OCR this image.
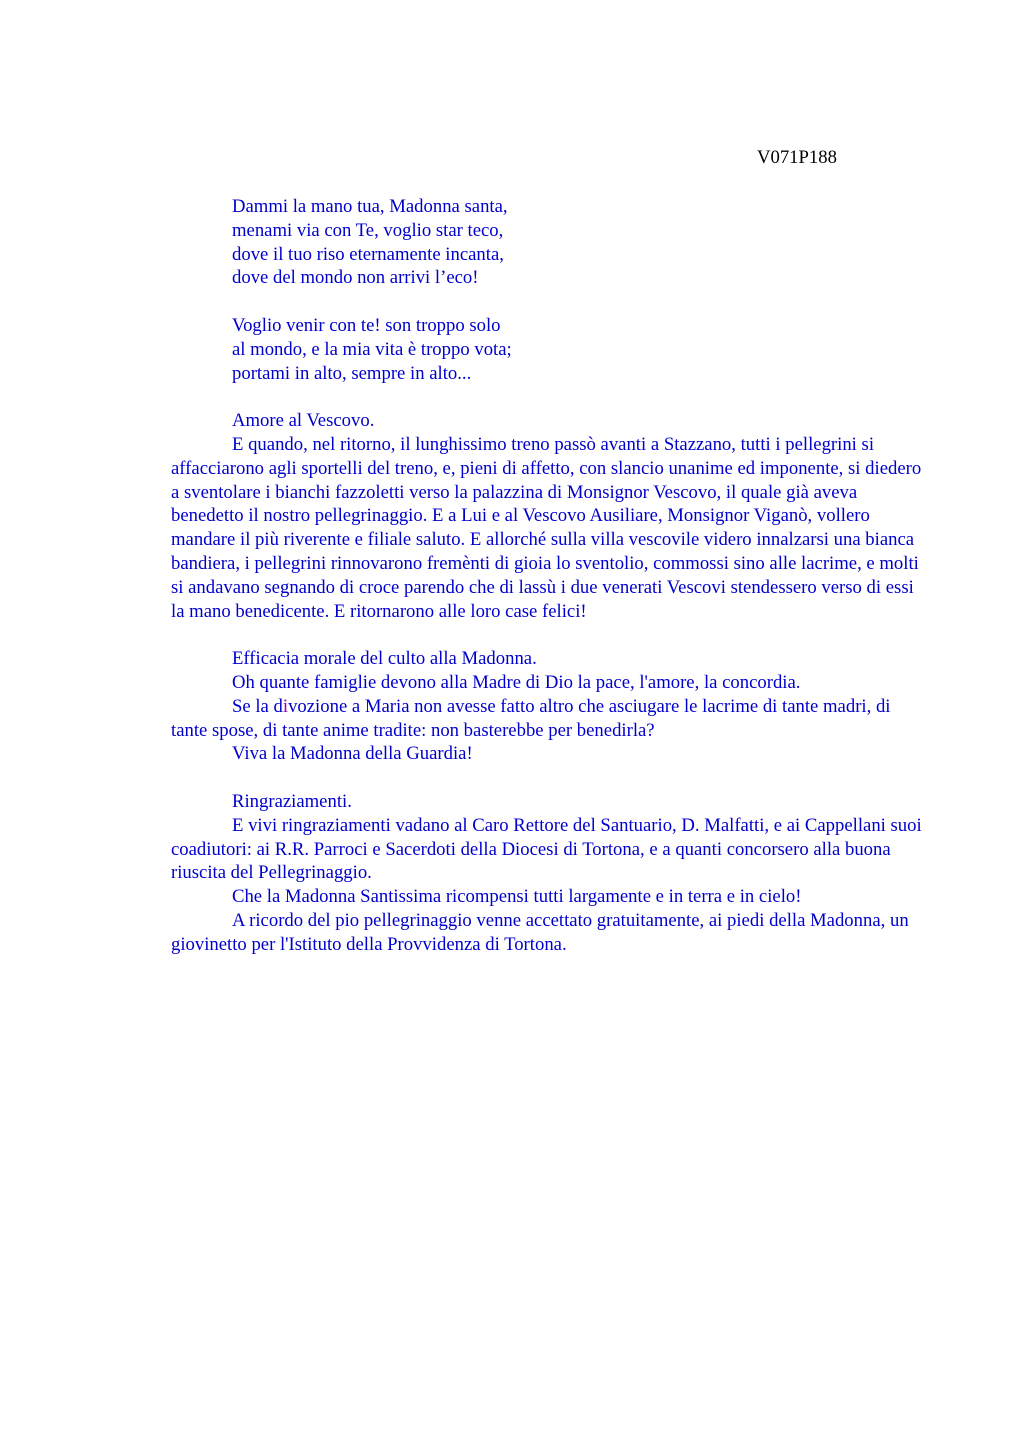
V071P188

Dammi la mano tua, Madonna santa,
menami via con Te, voglio star teco,
dove il tuo riso eternamente incanta,
dove del mondo non arrivi l’eco!
Voglio venir con te! son troppo solo
al mondo, e la mia vita è troppo vota;
portami in alto, sempre in alto...

Amore al Vescovo.

E quando, nel ritorno, il lunghissimo treno passò avanti a Stazzano, tutti i pellegrini si affacciarono agli sportelli del treno, e, pieni di affetto, con slancio unanime ed imponente, si diedero a sventolare i bianchi fazzoletti verso la palazzina di Monsignor Vescovo, il quale già aveva benedetto il nostro pellegrinaggio. E a Lui e al Vescovo Ausiliare, Monsignor Viganò, vollero mandare il più riverente e filiale saluto. E allorché sulla villa vescovile videro innalzarsi una bianca bandiera, i pellegrini rinnovarono fremènti di gioia lo sventolio, commossi sino alle lacrime, e molti si andavano segnando di croce parendo che di lassù i due venerati Vescovi stendessero verso di essi la mano benedicente. E ritornarono alle loro case felici!

Efficacia morale del culto alla Madonna.

Oh quante famiglie devono alla Madre di Dio la pace, l'amore, la concordia.

Se la divozione a Maria non avesse fatto altro che asciugare le lacrime di tante madri, di tante spose, di tante anime tradite: non basterebbe per benedirla?

Viva la Madonna della Guardia!

Ringraziamenti.

E vivi ringraziamenti vadano al Caro Rettore del Santuario, D. Malfatti, e ai Cappellani suoi coadiutori: ai R.R. Parroci e Sacerdoti della Diocesi di Tortona, e a quanti concorsero alla buona riuscita del Pellegrinaggio.

Che la Madonna Santissima ricompensi tutti largamente e in terra e in cielo!

A ricordo del pio pellegrinaggio venne accettato gratuitamente, ai piedi della Madonna, un giovinetto per l'Istituto della Provvidenza di Tortona.
